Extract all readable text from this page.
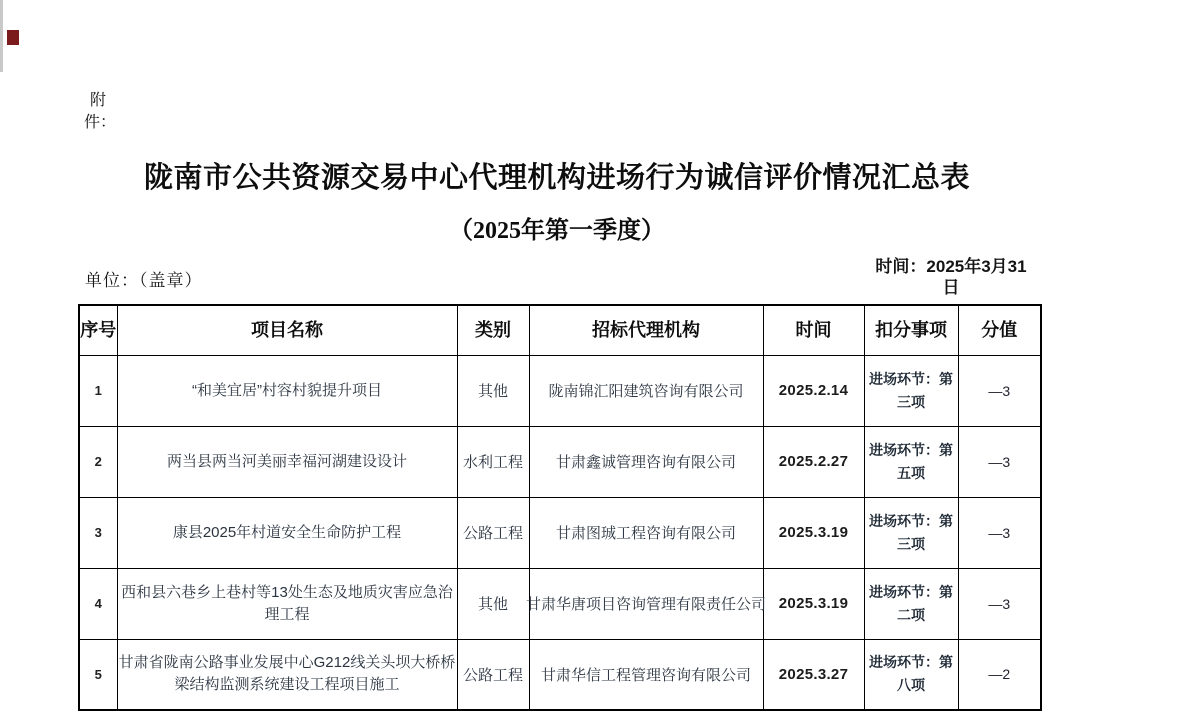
附
件：
陇南市公共资源交易中心代理机构进场行为诚信评价情况汇总表
（2025年第一季度）
单位：（盖章）
时间：2025年3月31
日
序号	项目名称	类别	招标代理机构	时间	扣分事项	分值
1	“和美宜居”村容村貌提升项目	其他	陇南锦汇阳建筑咨询有限公司	2025.2.14	进场环节：第三项	—3
2	两当县两当河美丽幸福河湖建设设计	水利工程	甘肃鑫诚管理咨询有限公司	2025.2.27	进场环节：第五项	—3
3	康县2025年村道安全生命防护工程	公路工程	甘肃图珹工程咨询有限公司	2025.3.19	进场环节：第三项	—3
4	西和县六巷乡上巷村等13处生态及地质灾害应急治理工程	其他	甘肃华唐项目咨询管理有限责任公司	2025.3.19	进场环节：第二项	—3
5	甘肃省陇南公路事业发展中心G212线关头坝大桥桥梁结构监测系统建设工程项目施工	公路工程	甘肃华信工程管理咨询有限公司	2025.3.27	进场环节：第八项	—2
